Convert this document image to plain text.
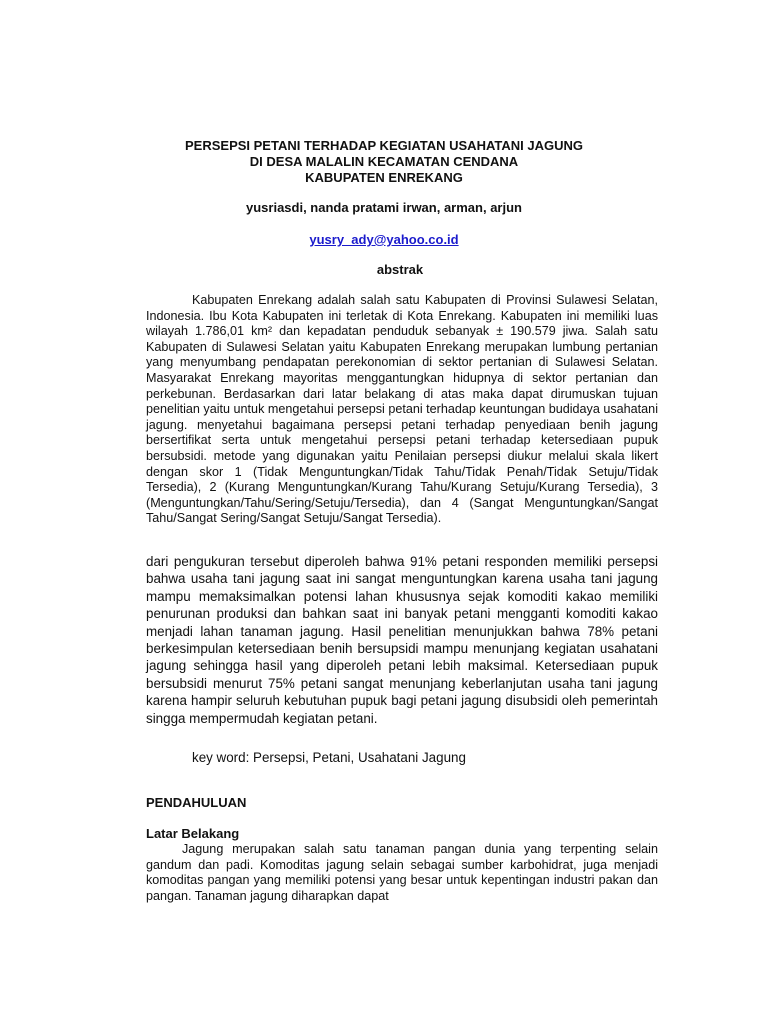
PERSEPSI PETANI TERHADAP KEGIATAN USAHATANI JAGUNG
DI DESA MALALIN KECAMATAN CENDANA
KABUPATEN ENREKANG
yusriasdi, nanda pratami irwan, arman, arjun
yusry_ady@yahoo.co.id
abstrak

Kabupaten Enrekang adalah salah satu Kabupaten di Provinsi Sulawesi Selatan, Indonesia. Ibu Kota Kabupaten ini terletak di Kota Enrekang. Kabupaten ini memiliki luas wilayah 1.786,01 km² dan kepadatan penduduk sebanyak ± 190.579 jiwa. Salah satu Kabupaten di Sulawesi Selatan yaitu Kabupaten Enrekang merupakan lumbung pertanian yang menyumbang pendapatan perekonomian di sektor pertanian di Sulawesi Selatan. Masyarakat Enrekang mayoritas menggantungkan hidupnya di sektor pertanian dan perkebunan. Berdasarkan dari latar belakang di atas maka dapat dirumuskan tujuan penelitian yaitu untuk mengetahui persepsi petani terhadap keuntungan budidaya usahatani jagung. menyetahui bagaimana persepsi petani terhadap penyediaan benih jagung bersertifikat serta untuk mengetahui persepsi petani terhadap ketersediaan pupuk bersubsidi. metode yang digunakan yaitu Penilaian persepsi diukur melalui skala likert dengan skor 1 (Tidak Menguntungkan/Tidak Tahu/Tidak Penah/Tidak Setuju/Tidak Tersedia), 2 (Kurang Menguntungkan/Kurang Tahu/Kurang Setuju/Kurang Tersedia), 3 (Menguntungkan/Tahu/Sering/Setuju/Tersedia), dan 4 (Sangat Menguntungkan/Sangat Tahu/Sangat Sering/Sangat Setuju/Sangat Tersedia).

dari pengukuran tersebut diperoleh bahwa 91% petani responden memiliki persepsi bahwa usaha tani jagung saat ini sangat menguntungkan karena usaha tani jagung mampu memaksimalkan potensi lahan khususnya sejak komoditi kakao memiliki penurunan produksi dan bahkan saat ini banyak petani mengganti komoditi kakao menjadi lahan tanaman jagung. Hasil penelitian menunjukkan bahwa 78% petani berkesimpulan ketersediaan benih bersupsidi mampu menunjang kegiatan usahatani jagung sehingga hasil yang diperoleh petani lebih maksimal. Ketersediaan pupuk bersubsidi menurut 75% petani sangat menunjang keberlanjutan usaha tani jagung karena hampir seluruh kebutuhan pupuk bagi petani jagung disubsidi oleh pemerintah singga mempermudah kegiatan petani.

key word: Persepsi, Petani, Usahatani Jagung
PENDAHULUAN
Latar Belakang

Jagung merupakan salah satu tanaman pangan dunia yang terpenting selain gandum dan padi. Komoditas jagung selain sebagai sumber karbohidrat, juga menjadi komoditas pangan yang memiliki potensi yang besar untuk kepentingan industri pakan dan pangan. Tanaman jagung diharapkan dapat
